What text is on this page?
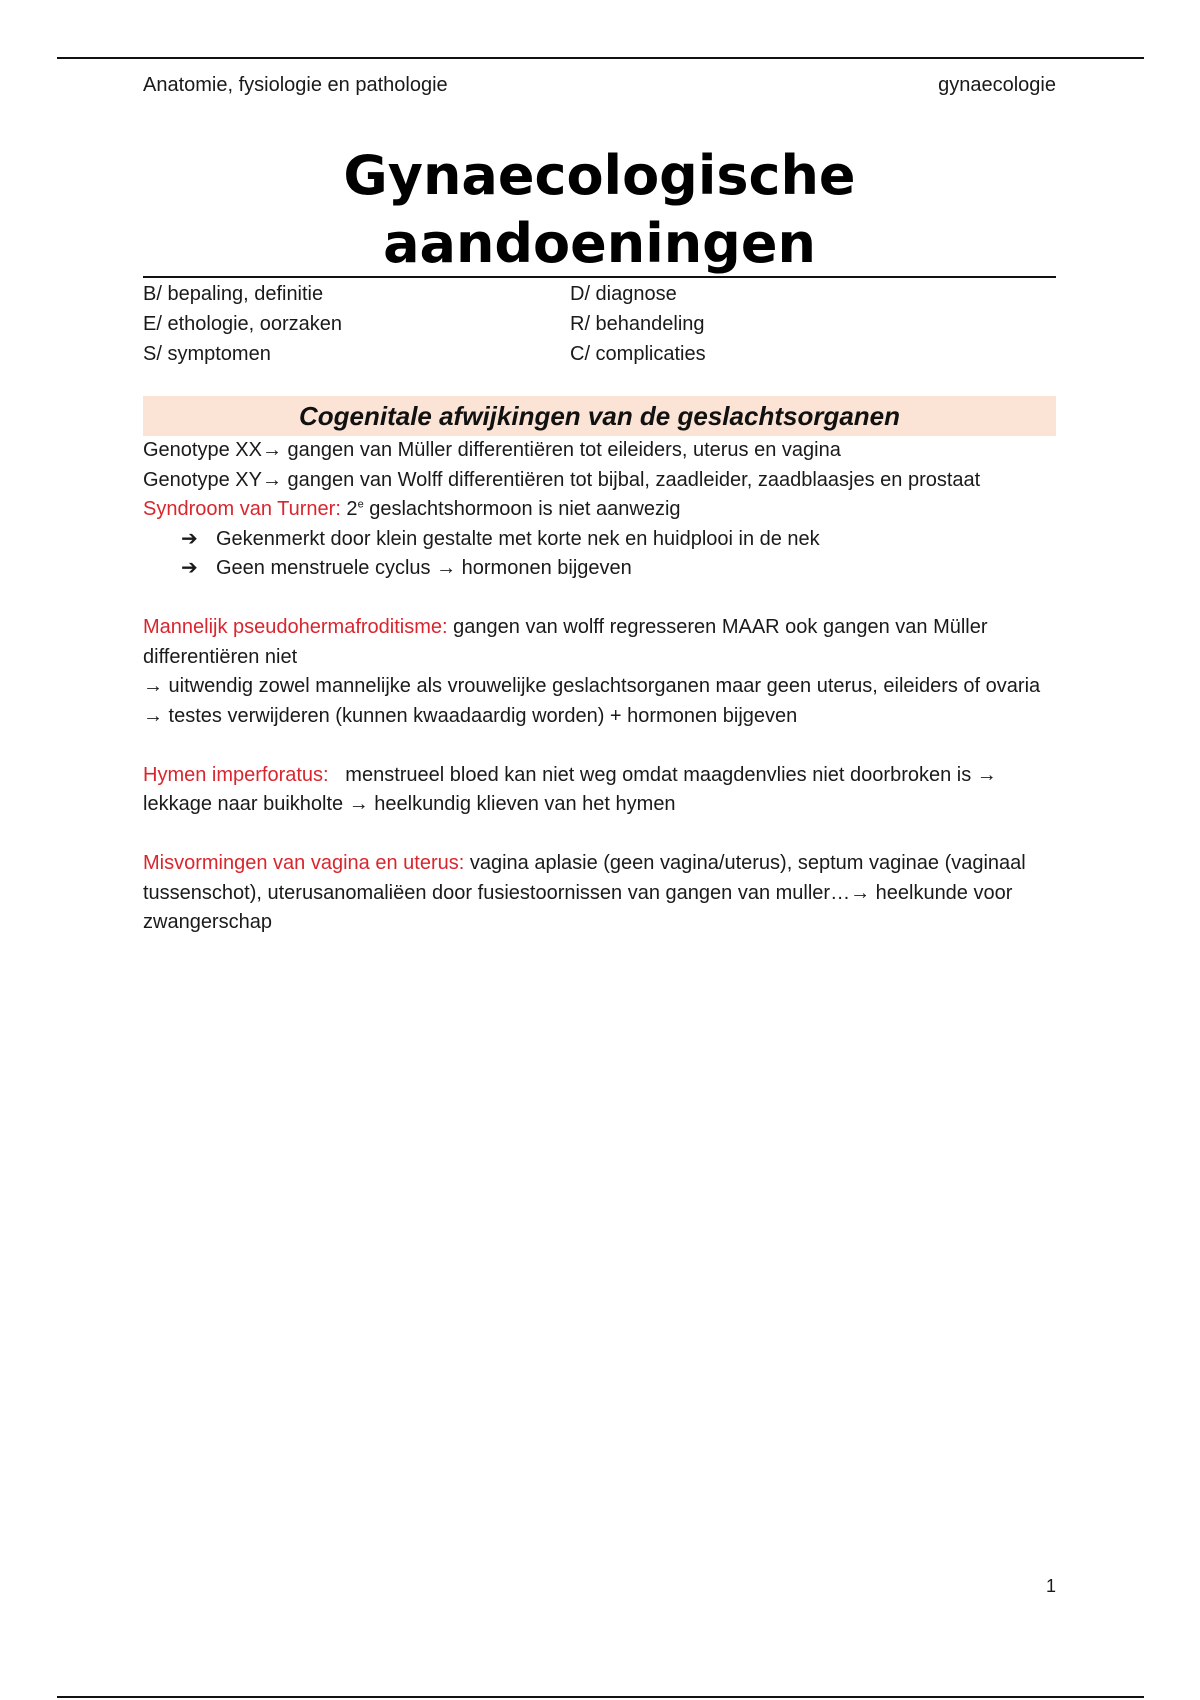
Anatomie, fysiologie en pathologie	gynaecologie
Gynaecologische
aandoeningen
B/ bepaling, definitie
E/ ethologie, oorzaken
S/ symptomen
D/ diagnose
R/ behandeling
C/ complicaties
Cogenitale afwijkingen van de geslachtsorganen

Genotype XX→ gangen van Müller differentiëren tot eileiders, uterus en vagina

Genotype XY→ gangen van Wolff differentiëren tot bijbal, zaadleider, zaadblaasjes en prostaat

Syndroom van Turner: 2e geslachtshormoon is niet aanwezig

➔ Gekenmerkt door klein gestalte met korte nek en huidplooi in de nek
➔ Geen menstruele cyclus → hormonen bijgeven

Mannelijk pseudohermafroditisme: gangen van wolff regresseren MAAR ook gangen van Müller differentiëren niet

→ uitwendig zowel mannelijke als vrouwelijke geslachtsorganen maar geen uterus, eileiders of ovaria → testes verwijderen (kunnen kwaadaardig worden) + hormonen bijgeven

Hymen imperforatus:   menstrueel bloed kan niet weg omdat maagdenvlies niet doorbroken is → lekkage naar buikholte → heelkundig klieven van het hymen

Misvormingen van vagina en uterus: vagina aplasie (geen vagina/uterus), septum vaginae (vaginaal tussenschot), uterusanomaliëen door fusiestoornissen van gangen van muller…→ heelkunde voor zwangerschap

1
